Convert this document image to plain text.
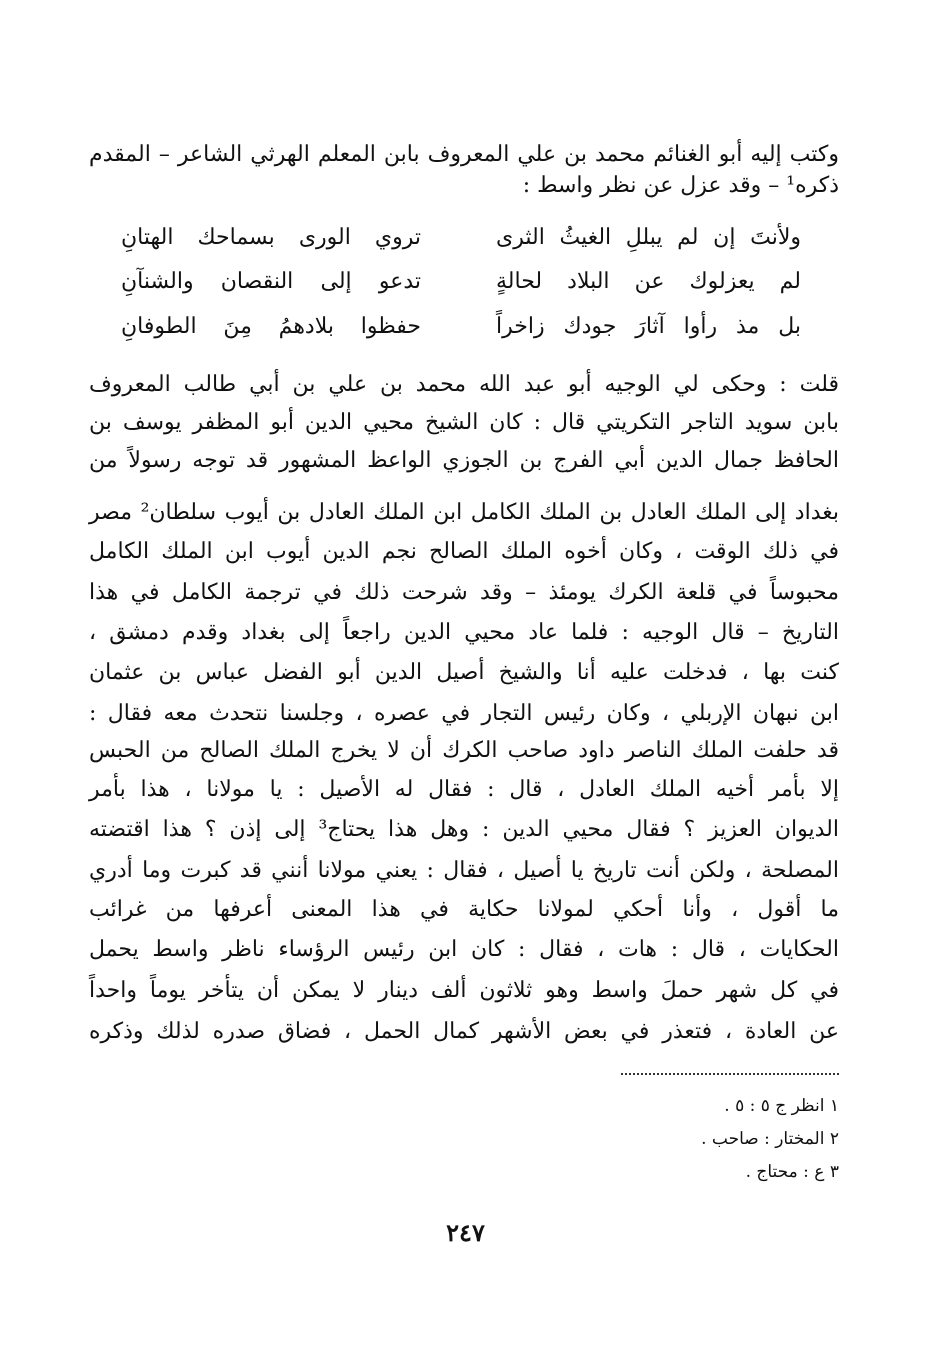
وكتب إليه أبو الغنائم محمد بن علي المعروف بابن المعلم الهرثي الشاعر – المقدم
ذكره¹ – وقد عزل عن نظر واسط :
ولأنتَ إن لم يبللِ الغيثُ الثرى
تروي الورى بسماحك الهتانِ
لم يعزلوك عن البلاد لحالةٍ
تدعو إلى النقصان والشنآنِ
بل مذ رأوا آثارَ جودك زاخراً
حفظوا بلادهمُ مِنَ الطوفانِ
قلت : وحكى لي الوجيه أبو عبد الله محمد بن علي بن أبي طالب المعروف
بابن سويد التاجر التكريتي قال : كان الشيخ محيي الدين أبو المظفر يوسف بن
الحافظ جمال الدين أبي الفرج بن الجوزي الواعظ المشهور قد توجه رسولاً من
بغداد إلى الملك العادل بن الملك الكامل ابن الملك العادل بن أيوب سلطان² مصر
في ذلك الوقت ، وكان أخوه الملك الصالح نجم الدين أيوب ابن الملك الكامل
محبوساً في قلعة الكرك يومئذ – وقد شرحت ذلك في ترجمة الكامل في هذا
التاريخ – قال الوجيه : فلما عاد محيي الدين راجعاً إلى بغداد وقدم دمشق ،
كنت بها ، فدخلت عليه أنا والشيخ أصيل الدين أبو الفضل عباس بن عثمان
ابن نبهان الإربلي ، وكان رئيس التجار في عصره ، وجلسنا نتحدث معه فقال :
قد حلفت الملك الناصر داود صاحب الكرك أن لا يخرج الملك الصالح من الحبس
إلا بأمر أخيه الملك العادل ، قال : فقال له الأصيل : يا مولانا ، هذا بأمر
الديوان العزيز ؟ فقال محيي الدين : وهل هذا يحتاج³ إلى إذن ؟ هذا اقتضته
المصلحة ، ولكن أنت تاريخ يا أصيل ، فقال : يعني مولانا أنني قد كبرت وما أدري
ما أقول ، وأنا أحكي لمولانا حكاية في هذا المعنى أعرفها من غرائب
الحكايات ، قال : هات ، فقال : كان ابن رئيس الرؤساء ناظر واسط يحمل
في كل شهر حملَ واسط وهو ثلاثون ألف دينار لا يمكن أن يتأخر يوماً واحداً
عن العادة ، فتعذر في بعض الأشهر كمال الحمل ، فضاق صدره لذلك وذكره
١ انظر ج ٥ : ٥ .
٢ المختار : صاحب .
٣ ع : محتاج .
٢٤٧
